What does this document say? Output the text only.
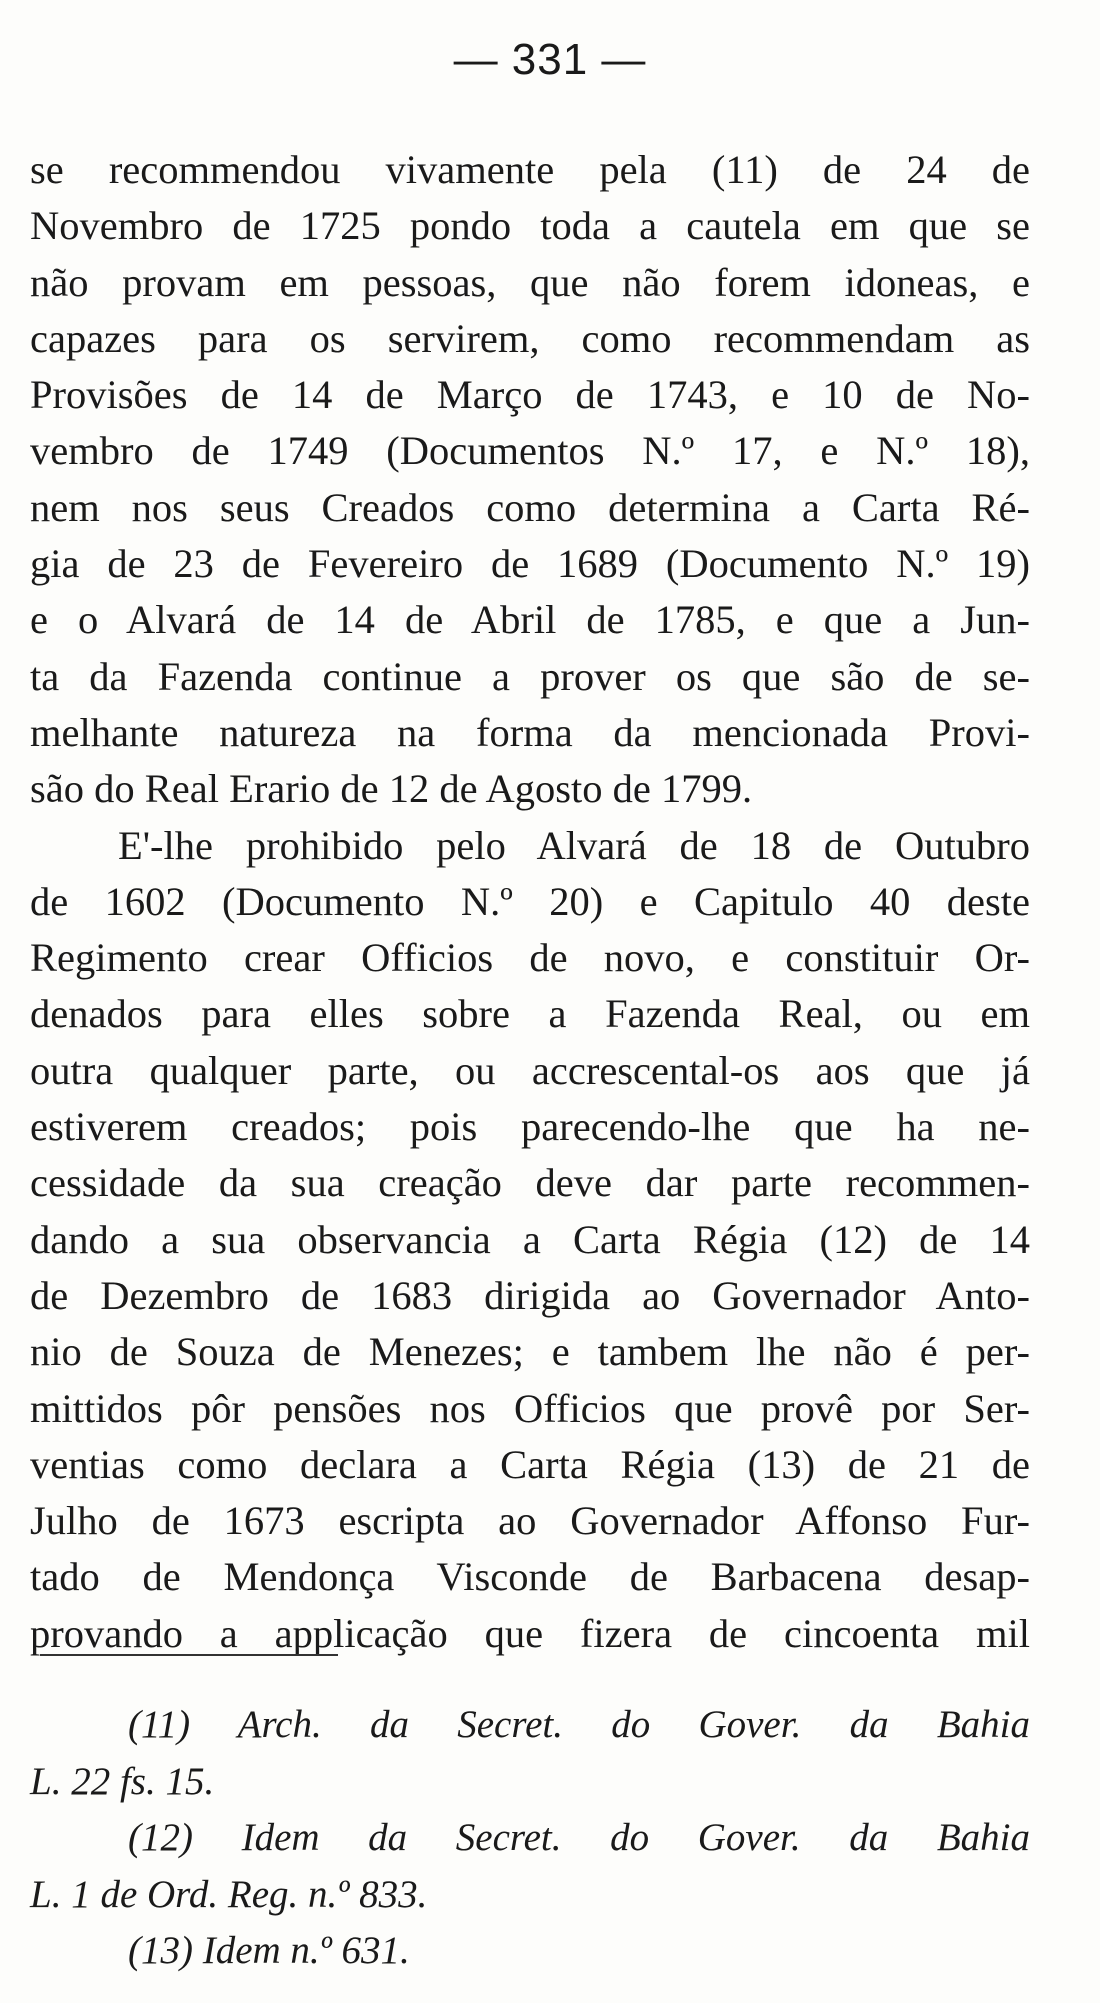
— 331 —
se recommendou vivamente pela (11) de 24 de
Novembro de 1725 pondo toda a cautela em que se
não provam em pessoas, que não forem idoneas, e
capazes para os servirem, como recommendam as
Provisões de 14 de Março de 1743, e 10 de No-
vembro de 1749 (Documentos N.º 17, e N.º 18),
nem nos seus Creados como determina a Carta Ré-
gia de 23 de Fevereiro de 1689 (Documento N.º 19)
e o Alvará de 14 de Abril de 1785, e que a Jun-
ta da Fazenda continue a prover os que são de se-
melhante natureza na forma da mencionada Provi-
são do Real Erario de 12 de Agosto de 1799.
E'-lhe prohibido pelo Alvará de 18 de Outubro
de 1602 (Documento N.º 20) e Capitulo 40 deste
Regimento crear Officios de novo, e constituir Or-
denados para elles sobre a Fazenda Real, ou em
outra qualquer parte, ou accrescental-os aos que já
estiverem creados; pois parecendo-lhe que ha ne-
cessidade da sua creação deve dar parte recommen-
dando a sua observancia a Carta Régia (12) de 14
de Dezembro de 1683 dirigida ao Governador Anto-
nio de Souza de Menezes; e tambem lhe não é per-
mittidos pôr pensões nos Officios que provê por Ser-
ventias como declara a Carta Régia (13) de 21 de
Julho de 1673 escripta ao Governador Affonso Fur-
tado de Mendonça Visconde de Barbacena desap-
provando a applicação que fizera de cincoenta mil
(11) Arch. da Secret. do Gover. da Bahia
L. 22 fs. 15.
(12) Idem da Secret. do Gover. da Bahia
L. 1 de Ord. Reg. n.º 833.
(13) Idem n.º 631.
